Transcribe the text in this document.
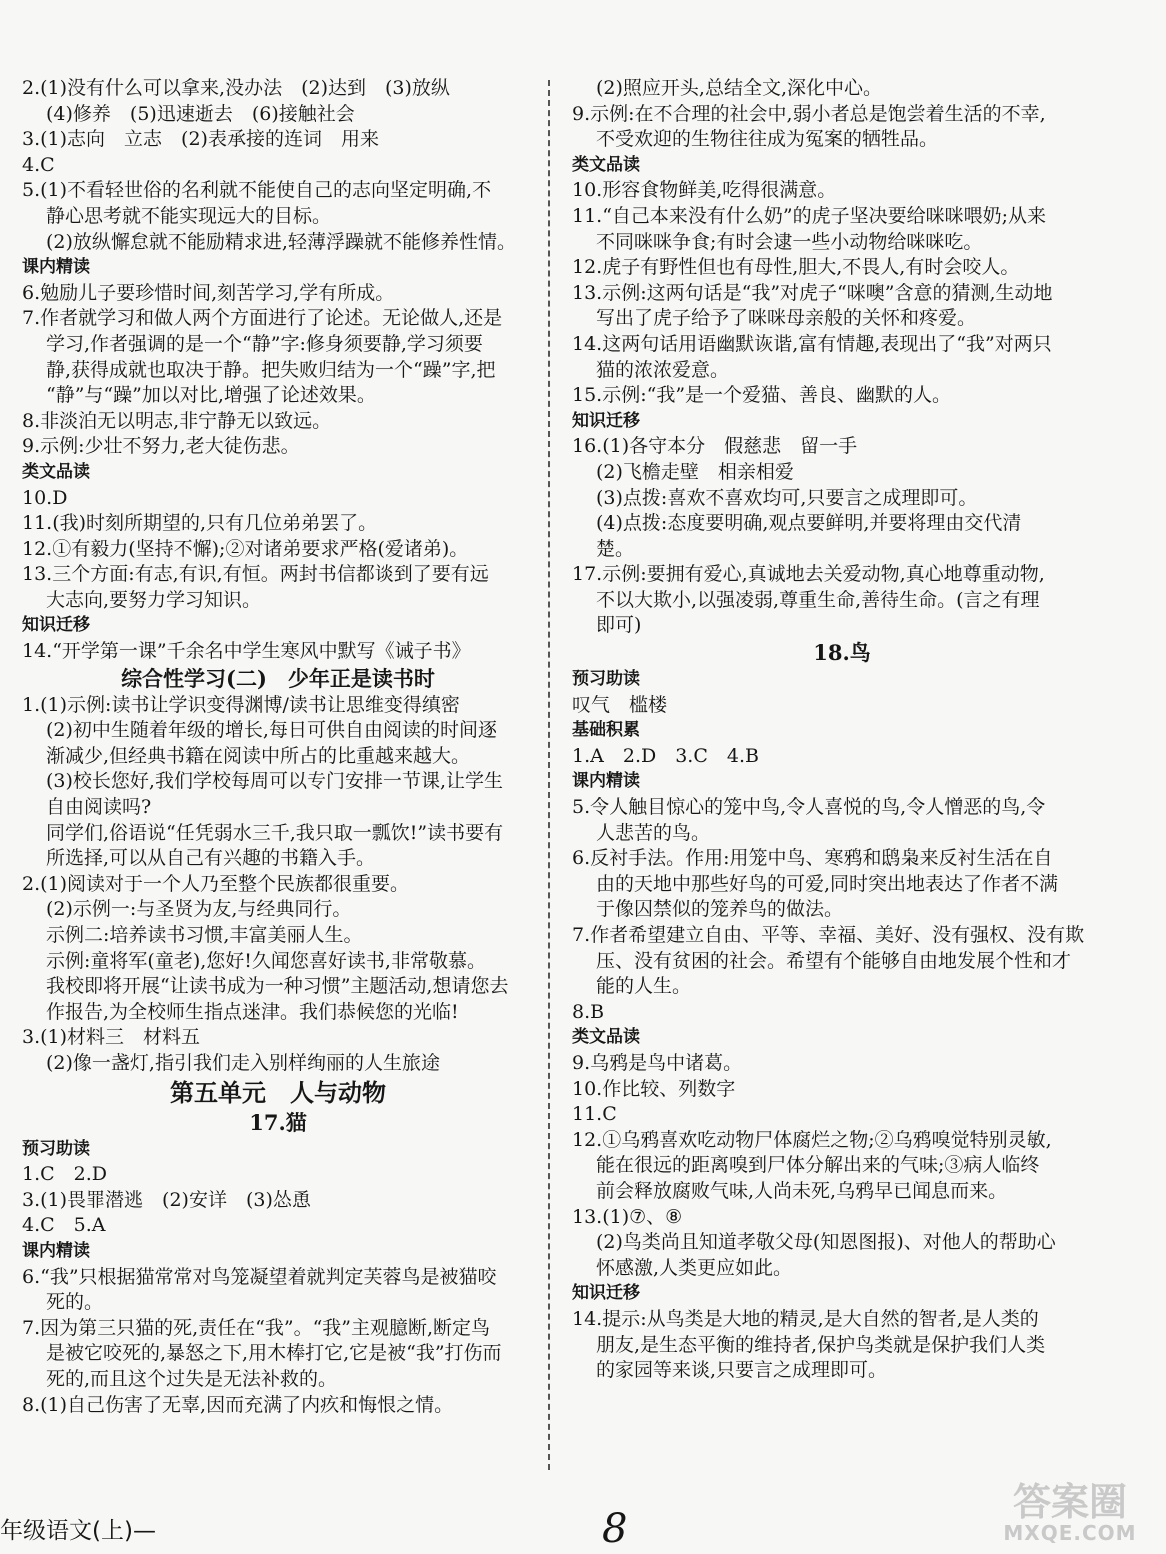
2.(1)没有什么可以拿来,没办法　(2)达到　(3)放纵
(4)修养　(5)迅速逝去　(6)接触社会
3.(1)志向　立志　(2)表承接的连词　用来
4.C
5.(1)不看轻世俗的名利就不能使自己的志向坚定明确,不
静心思考就不能实现远大的目标。
(2)放纵懈怠就不能励精求进,轻薄浮躁就不能修养性情。
课内精读
6.勉励儿子要珍惜时间,刻苦学习,学有所成。
7.作者就学习和做人两个方面进行了论述。无论做人,还是
学习,作者强调的是一个“静”字:修身须要静,学习须要
静,获得成就也取决于静。把失败归结为一个“躁”字,把
“静”与“躁”加以对比,增强了论述效果。
8.非淡泊无以明志,非宁静无以致远。
9.示例:少壮不努力,老大徒伤悲。
类文品读
10.D
11.(我)时刻所期望的,只有几位弟弟罢了。
12.①有毅力(坚持不懈);②对诸弟要求严格(爱诸弟)。
13.三个方面:有志,有识,有恒。两封书信都谈到了要有远
大志向,要努力学习知识。
知识迁移
14.“开学第一课”千余名中学生寒风中默写《诫子书》
综合性学习(二)　少年正是读书时
1.(1)示例:读书让学识变得渊博/读书让思维变得缜密
(2)初中生随着年级的增长,每日可供自由阅读的时间逐
渐减少,但经典书籍在阅读中所占的比重越来越大。
(3)校长您好,我们学校每周可以专门安排一节课,让学生
自由阅读吗?
同学们,俗语说“任凭弱水三千,我只取一瓢饮!”读书要有
所选择,可以从自己有兴趣的书籍入手。
2.(1)阅读对于一个人乃至整个民族都很重要。
(2)示例一:与圣贤为友,与经典同行。
示例二:培养读书习惯,丰富美丽人生。
示例:童将军(童老),您好!久闻您喜好读书,非常敬慕。
我校即将开展“让读书成为一种习惯”主题活动,想请您去
作报告,为全校师生指点迷津。我们恭候您的光临!
3.(1)材料三　材料五
(2)像一盏灯,指引我们走入别样绚丽的人生旅途
第五单元　人与动物
17.猫
预习助读
1.C　2.D
3.(1)畏罪潜逃　(2)安详　(3)怂恿
4.C　5.A
课内精读
6.“我”只根据猫常常对鸟笼凝望着就判定芙蓉鸟是被猫咬
死的。
7.因为第三只猫的死,责任在“我”。“我”主观臆断,断定鸟
是被它咬死的,暴怒之下,用木棒打它,它是被“我”打伤而
死的,而且这个过失是无法补救的。
8.(1)自己伤害了无辜,因而充满了内疚和悔恨之情。
(2)照应开头,总结全文,深化中心。
9.示例:在不合理的社会中,弱小者总是饱尝着生活的不幸,
不受欢迎的生物往往成为冤案的牺牲品。
类文品读
10.形容食物鲜美,吃得很满意。
11.“自己本来没有什么奶”的虎子坚决要给咪咪喂奶;从来
不同咪咪争食;有时会逮一些小动物给咪咪吃。
12.虎子有野性但也有母性,胆大,不畏人,有时会咬人。
13.示例:这两句话是“我”对虎子“咪噢”含意的猜测,生动地
写出了虎子给予了咪咪母亲般的关怀和疼爱。
14.这两句话用语幽默诙谐,富有情趣,表现出了“我”对两只
猫的浓浓爱意。
15.示例:“我”是一个爱猫、善良、幽默的人。
知识迁移
16.(1)各守本分　假慈悲　留一手
(2)飞檐走壁　相亲相爱
(3)点拨:喜欢不喜欢均可,只要言之成理即可。
(4)点拨:态度要明确,观点要鲜明,并要将理由交代清
楚。
17.示例:要拥有爱心,真诚地去关爱动物,真心地尊重动物,
不以大欺小,以强凌弱,尊重生命,善待生命。(言之有理
即可)
18.鸟
预习助读
叹气　槛楼
基础积累
1.A　2.D　3.C　4.B
课内精读
5.令人触目惊心的笼中鸟,令人喜悦的鸟,令人憎恶的鸟,令
人悲苦的鸟。
6.反衬手法。作用:用笼中鸟、寒鸦和鸱枭来反衬生活在自
由的天地中那些好鸟的可爱,同时突出地表达了作者不满
于像囚禁似的笼养鸟的做法。
7.作者希望建立自由、平等、幸福、美好、没有强权、没有欺
压、没有贫困的社会。希望有个能够自由地发展个性和才
能的人生。
8.B
类文品读
9.乌鸦是鸟中诸葛。
10.作比较、列数字
11.C
12.①乌鸦喜欢吃动物尸体腐烂之物;②乌鸦嗅觉特别灵敏,
能在很远的距离嗅到尸体分解出来的气味;③病人临终
前会释放腐败气味,人尚未死,乌鸦早已闻息而来。
13.(1)⑦、⑧
(2)鸟类尚且知道孝敬父母(知恩图报)、对他人的帮助心
怀感激,人类更应如此。
知识迁移
14.提示:从鸟类是大地的精灵,是大自然的智者,是人类的
朋友,是生态平衡的维持者,保护鸟类就是保护我们人类
的家园等来谈,只要言之成理即可。
年级语文(上)—	8
答案圈
MXQE.COM
